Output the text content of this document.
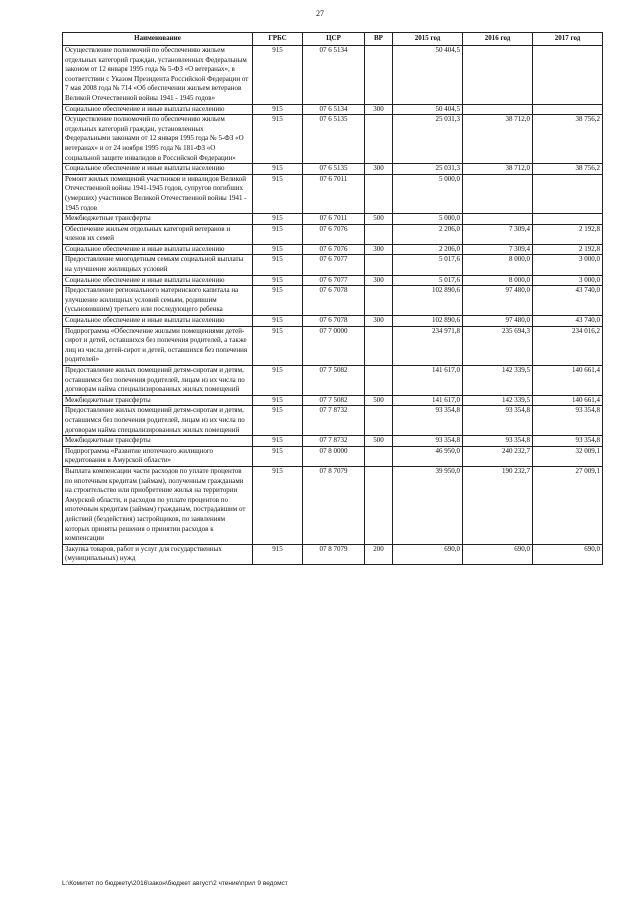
27
Наименование	ГРБС	ЦСР	ВР	2015 год	2016 год	2017 год
Осуществление полномочий по обеспечению жильем отдельных категорий граждан, установленных Федеральным законом от 12 января 1995 года № 5-ФЗ «О ветеранах», в соответствии с Указом Президента Российской Федерации от 7 мая 2008 года № 714 «Об обеспечении жильем ветеранов Великой Отечественной войны 1941 - 1945 годов»	915	07 6 5134		50 404,5		
Социальное обеспечение и иные выплаты населению	915	07 6 5134	300	50 404,5		
Осуществление полномочий по обеспечению жильем отдельных категорий граждан, установленных Федеральными законами от 12 января 1995 года № 5-ФЗ «О ветеранах» и от 24 ноября 1995 года № 181-ФЗ «О социальной защите инвалидов в Российской Федерации»	915	07 6 5135		25 031,3	38 712,0	38 756,2
Социальное обеспечение и иные выплаты населению	915	07 6 5135	300	25 031,3	38 712,0	38 756,2
Ремонт жилых помещений участников и инвалидов Великой Отечественной войны 1941-1945 годов, супругов погибших (умерших) участников Великой Отечественной войны 1941 - 1945 годов	915	07 6 7011		5 000,0		
Межбюджетные трансферты	915	07 6 7011	500	5 000,0		
Обеспечение жильем отдельных категорий ветеранов и членов их семей	915	07 6 7076		2 206,0	7 309,4	2 192,8
Социальное обеспечение и иные выплаты населению	915	07 6 7076	300	2 206,0	7 309,4	2 192,8
Предоставление многодетным семьям социальной выплаты на улучшение жилищных условий	915	07 6 7077		5 017,6	8 000,0	3 000,0
Социальное обеспечение и иные выплаты населению	915	07 6 7077	300	5 017,6	8 000,0	3 000,0
Предоставление регионального материнского капитала на улучшение жилищных условий семьям, родившим (усыновившим) третьего или последующего ребенка	915	07 6 7078		102 890,6	97 480,0	43 740,0
Социальное обеспечение и иные выплаты населению	915	07 6 7078	300	102 890,6	97 480,0	43 740,0
Подпрограмма «Обеспечение жилыми помещениями детей-сирот и детей, оставшихся без попечения родителей, а также лиц из числа детей-сирот и детей, оставшихся без попечения родителей»	915	07 7 0000		234 971,8	235 694,3	234 016,2
Предоставление жилых помещений детям-сиротам и детям, оставшимся без попечения родителей, лицам из их числа по договорам найма специализированных жилых помещений	915	07 7 5082		141 617,0	142 339,5	140 661,4
Межбюджетные трансферты	915	07 7 5082	500	141 617,0	142 339,5	140 661,4
Предоставление жилых помещений детям-сиротам и детям, оставшимся без попечения родителей, лицам из их числа по договорам найма специализированных жилых помещений	915	07 7 8732		93 354,8	93 354,8	93 354,8
Межбюджетные трансферты	915	07 7 8732	500	93 354,8	93 354,8	93 354,8
Подпрограмма «Развитие ипотечного жилищного кредитования в Амурской области»	915	07 8 0000		46 950,0	240 232,7	32 009,1
Выплата компенсации части расходов по уплате процентов по ипотечным кредитам (займам), полученным гражданами на строительство или приобретение жилья на территории Амурской области, и расходов по уплате процентов по ипотечным кредитам (займам) гражданам, пострадавшим от действий (бездействия) застройщиков, по заявлениям которых приняты решения о принятии расходов к компенсации	915	07 8 7079		39 950,0	190 232,7	27 009,1
Закупка товаров, работ и услуг для государственных (муниципальных) нужд	915	07 8 7079	200	690,0	690,0	690,0
L:\Комитет по бюджету\2016\закон\бюджет август\2 чтение\прил 9 ведомст
